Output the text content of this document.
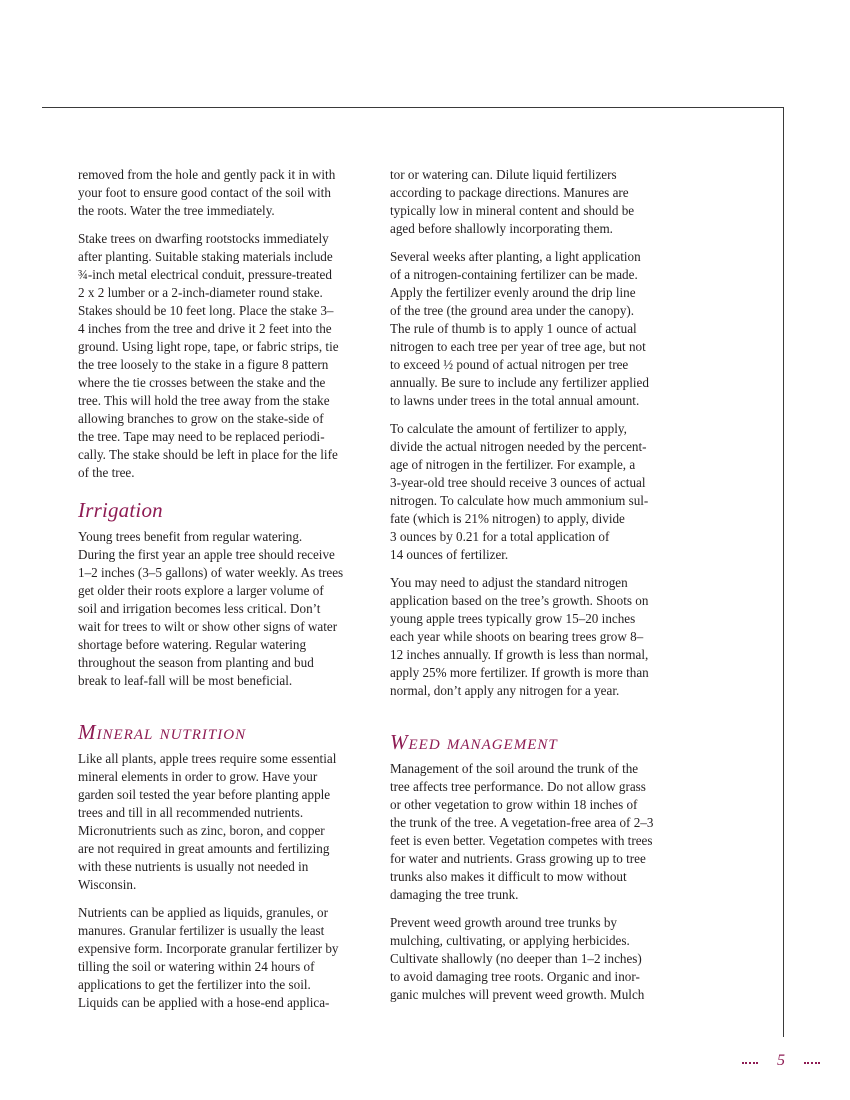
removed from the hole and gently pack it in with
your foot to ensure good contact of the soil with
the roots. Water the tree immediately.

Stake trees on dwarfing rootstocks immediately
after planting. Suitable staking materials include
¾-inch metal electrical conduit, pressure-treated
2 x 2 lumber or a 2-inch-diameter round stake.
Stakes should be 10 feet long. Place the stake 3–
4 inches from the tree and drive it 2 feet into the
ground. Using light rope, tape, or fabric strips, tie
the tree loosely to the stake in a figure 8 pattern
where the tie crosses between the stake and the
tree. This will hold the tree away from the stake
allowing branches to grow on the stake-side of
the tree. Tape may need to be replaced periodi-
cally. The stake should be left in place for the life
of the tree.

Irrigation

Young trees benefit from regular watering.
During the first year an apple tree should receive
1–2 inches (3–5 gallons) of water weekly. As trees
get older their roots explore a larger volume of
soil and irrigation becomes less critical. Don’t
wait for trees to wilt or show other signs of water
shortage before watering. Regular watering
throughout the season from planting and bud
break to leaf-fall will be most beneficial.

Mineral nutrition

Like all plants, apple trees require some essential
mineral elements in order to grow. Have your
garden soil tested the year before planting apple
trees and till in all recommended nutrients.
Micronutrients such as zinc, boron, and copper
are not required in great amounts and fertilizing
with these nutrients is usually not needed in
Wisconsin.

Nutrients can be applied as liquids, granules, or
manures. Granular fertilizer is usually the least
expensive form. Incorporate granular fertilizer by
tilling the soil or watering within 24 hours of
applications to get the fertilizer into the soil.
Liquids can be applied with a hose-end applica-

tor or watering can. Dilute liquid fertilizers
according to package directions. Manures are
typically low in mineral content and should be
aged before shallowly incorporating them.

Several weeks after planting, a light application
of a nitrogen-containing fertilizer can be made.
Apply the fertilizer evenly around the drip line
of the tree (the ground area under the canopy).
The rule of thumb is to apply 1 ounce of actual
nitrogen to each tree per year of tree age, but not
to exceed ½ pound of actual nitrogen per tree
annually. Be sure to include any fertilizer applied
to lawns under trees in the total annual amount.

To calculate the amount of fertilizer to apply,
divide the actual nitrogen needed by the percent-
age of nitrogen in the fertilizer. For example, a
3-year-old tree should receive 3 ounces of actual
nitrogen. To calculate how much ammonium sul-
fate (which is 21% nitrogen) to apply, divide
3 ounces by 0.21 for a total application of
14 ounces of fertilizer.

You may need to adjust the standard nitrogen
application based on the tree’s growth. Shoots on
young apple trees typically grow 15–20 inches
each year while shoots on bearing trees grow 8–
12 inches annually. If growth is less than normal,
apply 25% more fertilizer. If growth is more than
normal, don’t apply any nitrogen for a year.

Weed management

Management of the soil around the trunk of the
tree affects tree performance. Do not allow grass
or other vegetation to grow within 18 inches of
the trunk of the tree. A vegetation-free area of 2–3
feet is even better. Vegetation competes with trees
for water and nutrients. Grass growing up to tree
trunks also makes it difficult to mow without
damaging the tree trunk.

Prevent weed growth around tree trunks by
mulching, cultivating, or applying herbicides.
Cultivate shallowly (no deeper than 1–2 inches)
to avoid damaging tree roots. Organic and inor-
ganic mulches will prevent weed growth. Mulch

5
